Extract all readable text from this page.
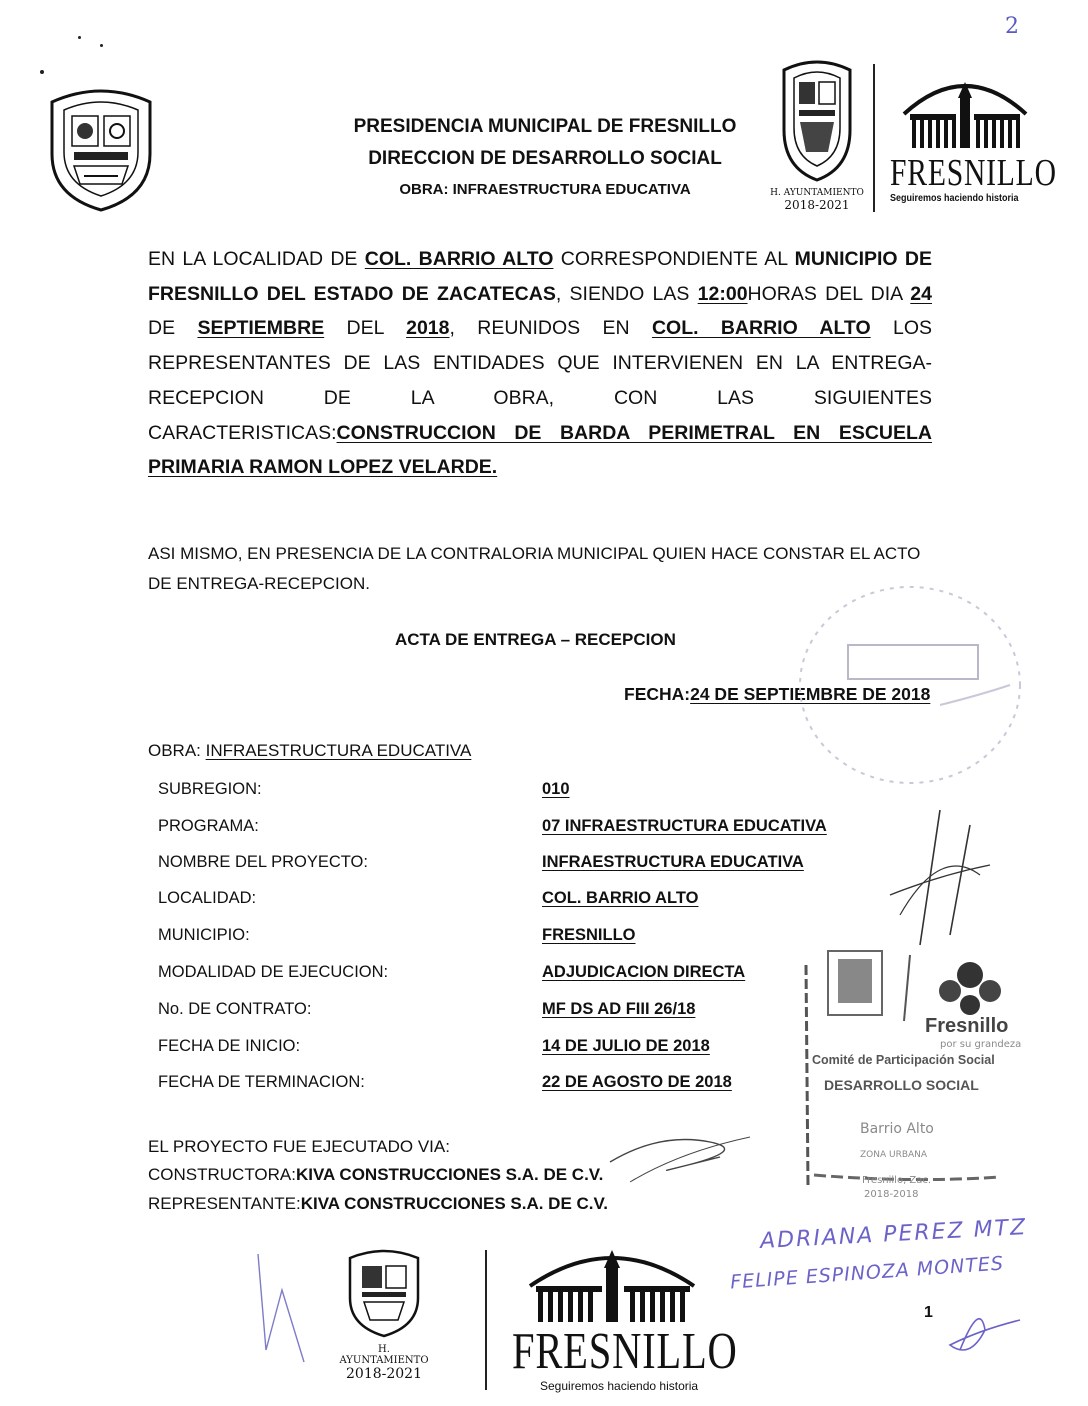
2
PRESIDENCIA MUNICIPAL DE FRESNILLO
DIRECCION DE DESARROLLO SOCIAL
OBRA: INFRAESTRUCTURA EDUCATIVA	H. AYUNTAMIENTO
2018-2021
FRESNILLO
Seguiremos haciendo historia
EN LA LOCALIDAD DE COL. BARRIO ALTO CORRESPONDIENTE AL MUNICIPIO DE FRESNILLO DEL ESTADO DE ZACATECAS, SIENDO LAS 12:00HORAS DEL DIA 24 DE SEPTIEMBRE DEL 2018, REUNIDOS EN COL. BARRIO ALTO LOS REPRESENTANTES DE LAS ENTIDADES QUE INTERVIENEN EN LA ENTREGA-RECEPCION DE LA OBRA, CON LAS SIGUIENTES CARACTERISTICAS:CONSTRUCCION DE BARDA PERIMETRAL EN ESCUELA PRIMARIA RAMON LOPEZ VELARDE.
ASI MISMO, EN PRESENCIA DE LA CONTRALORIA MUNICIPAL QUIEN HACE CONSTAR EL ACTO DE ENTREGA-RECEPCION.
ACTA DE ENTREGA – RECEPCION
FECHA:24 DE SEPTIEMBRE DE 2018
OBRA: INFRAESTRUCTURA EDUCATIVA
SUBREGION:	010
PROGRAMA:	07 INFRAESTRUCTURA EDUCATIVA
NOMBRE DEL PROYECTO:	INFRAESTRUCTURA EDUCATIVA
LOCALIDAD:	COL. BARRIO ALTO
MUNICIPIO:	FRESNILLO
MODALIDAD DE EJECUCION:	ADJUDICACION DIRECTA
No. DE CONTRATO:	MF DS AD FIII 26/18
FECHA DE INICIO:	14 DE JULIO DE 2018
FECHA DE TERMINACION:	22 DE AGOSTO DE 2018
EL PROYECTO FUE EJECUTADO VIA:
CONSTRUCTORA:KIVA CONSTRUCCIONES S.A. DE C.V.
REPRESENTANTE:KIVA CONSTRUCCIONES S.A. DE C.V.
Fresnillo
por su grandeza
Comité de Participación Social
DESARROLLO SOCIAL
Barrio Alto
ZONA URBANA
Fresnillo, Zac.
2018-2018
H. AYUNTAMIENTO
2018-2021 FRESNILLO
Seguiremos haciendo historia
ADRIANA PEREZ MTZ
FELIPE ESPINOZA MONTES
1
